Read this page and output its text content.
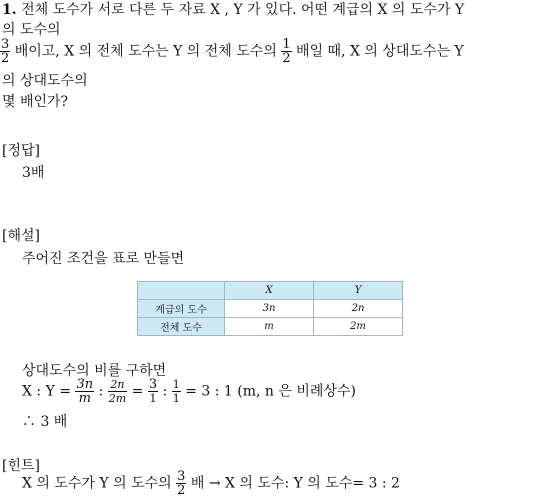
1. 전체 도수가 서로 다른 두 자료 X , Y 가 있다. 어떤 계급의 X 의 도수가 Y
의 도수의
$\frac{3}{2}$ 배이고, X 의 전체 도수는 Y 의 전체 도수의 $\frac{1}{2}$ 배일 때, X 의 상대도수는 Y
의 상대도수의
몇 배인가?
[정답]
3배
[해설]
주어진 조건을 표로 만들면
	X	Y
계급의 도수	3n	2n
전체 도수	m	2m
상대도수의 비를 구하면
X : $Y = \frac{3n}{m}$ : $\frac{2n}{2m} = \frac{3}{1}$ : $\frac{1}{1} = 3$ : 1 (m, n 은 비례상수)
∴ 3 배
[힌트]
X 의 도수가 Y 의 도수의 $\frac{3}{2}$ 배 → X 의 도수: Y 의 도수= 3 : 2
